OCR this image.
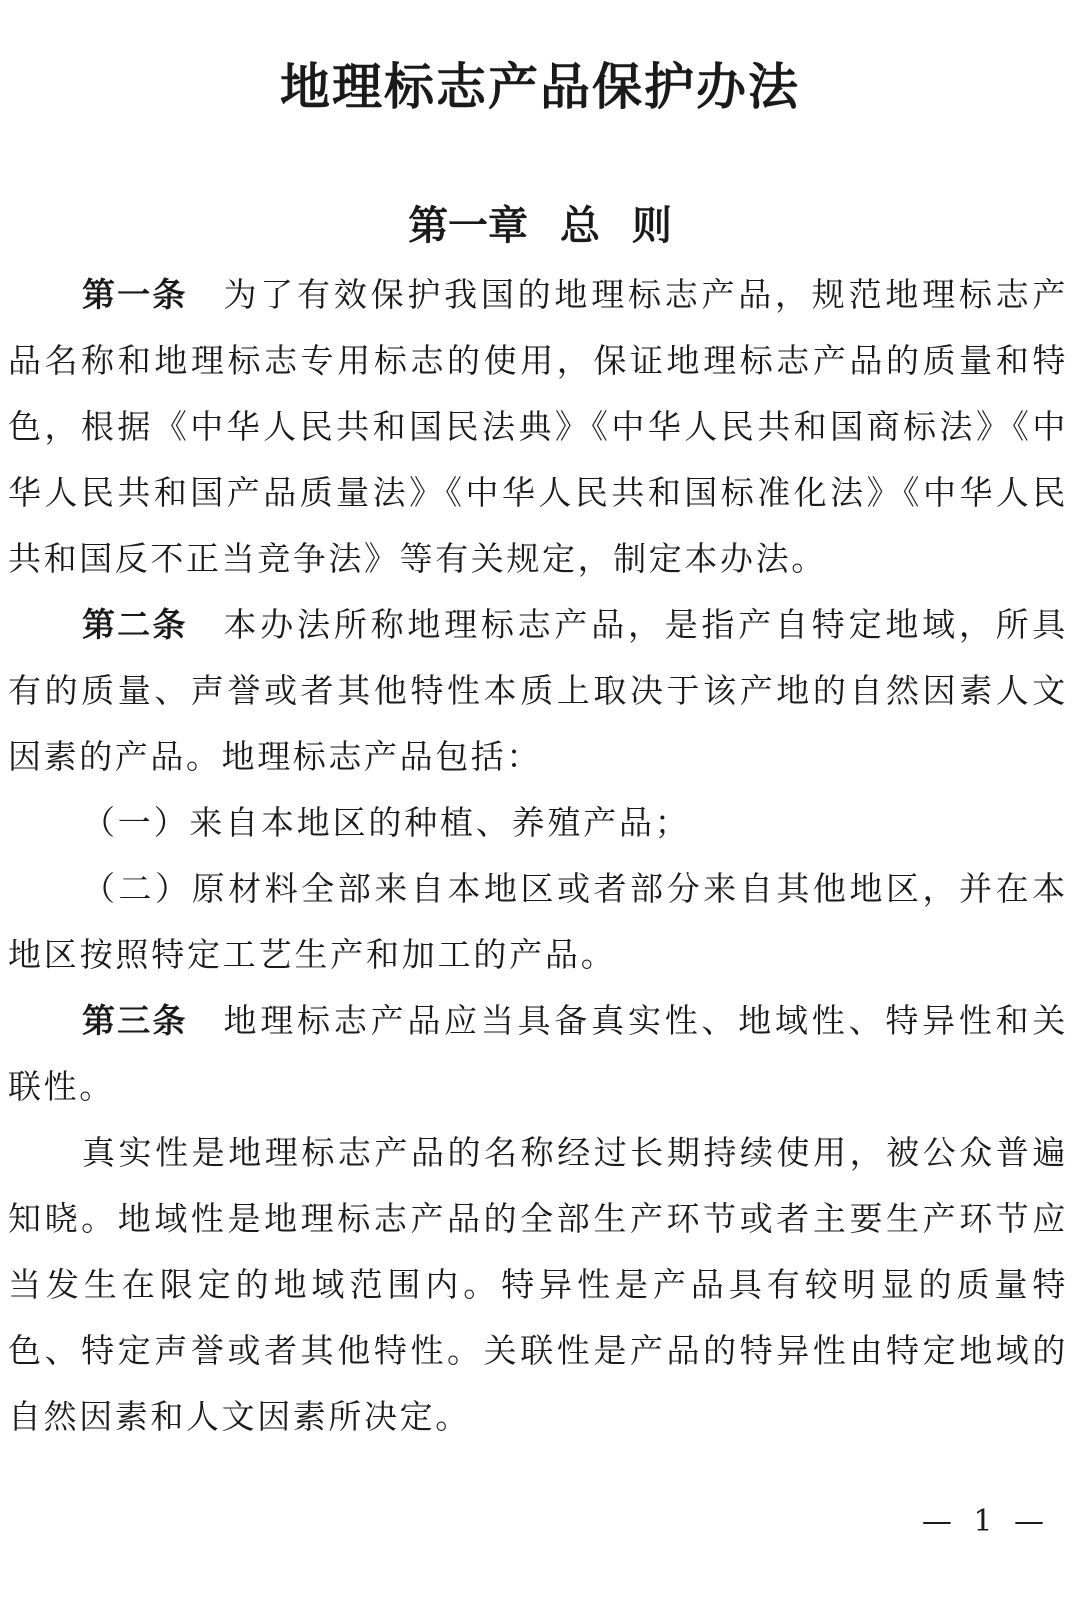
地理标志产品保护办法
第一章 总 则

第一条 为了有效保护我国的地理标志产品，规范地理标志产品名称和地理标志专用标志的使用，保证地理标志产品的质量和特色，根据《中华人民共和国民法典》《中华人民共和国商标法》《中华人民共和国产品质量法》《中华人民共和国标准化法》《中华人民共和国反不正当竞争法》等有关规定，制定本办法。

第二条 本办法所称地理标志产品，是指产自特定地域，所具有的质量、声誉或者其他特性本质上取决于该产地的自然因素人文因素的产品。地理标志产品包括：

（一）来自本地区的种植、养殖产品；

（二）原材料全部来自本地区或者部分来自其他地区，并在本地区按照特定工艺生产和加工的产品。

第三条 地理标志产品应当具备真实性、地域性、特异性和关联性。

真实性是地理标志产品的名称经过长期持续使用，被公众普遍知晓。地域性是地理标志产品的全部生产环节或者主要生产环节应当发生在限定的地域范围内。特异性是产品具有较明显的质量特色、特定声誉或者其他特性。关联性是产品的特异性由特定地域的自然因素和人文因素所决定。

— 1 —
